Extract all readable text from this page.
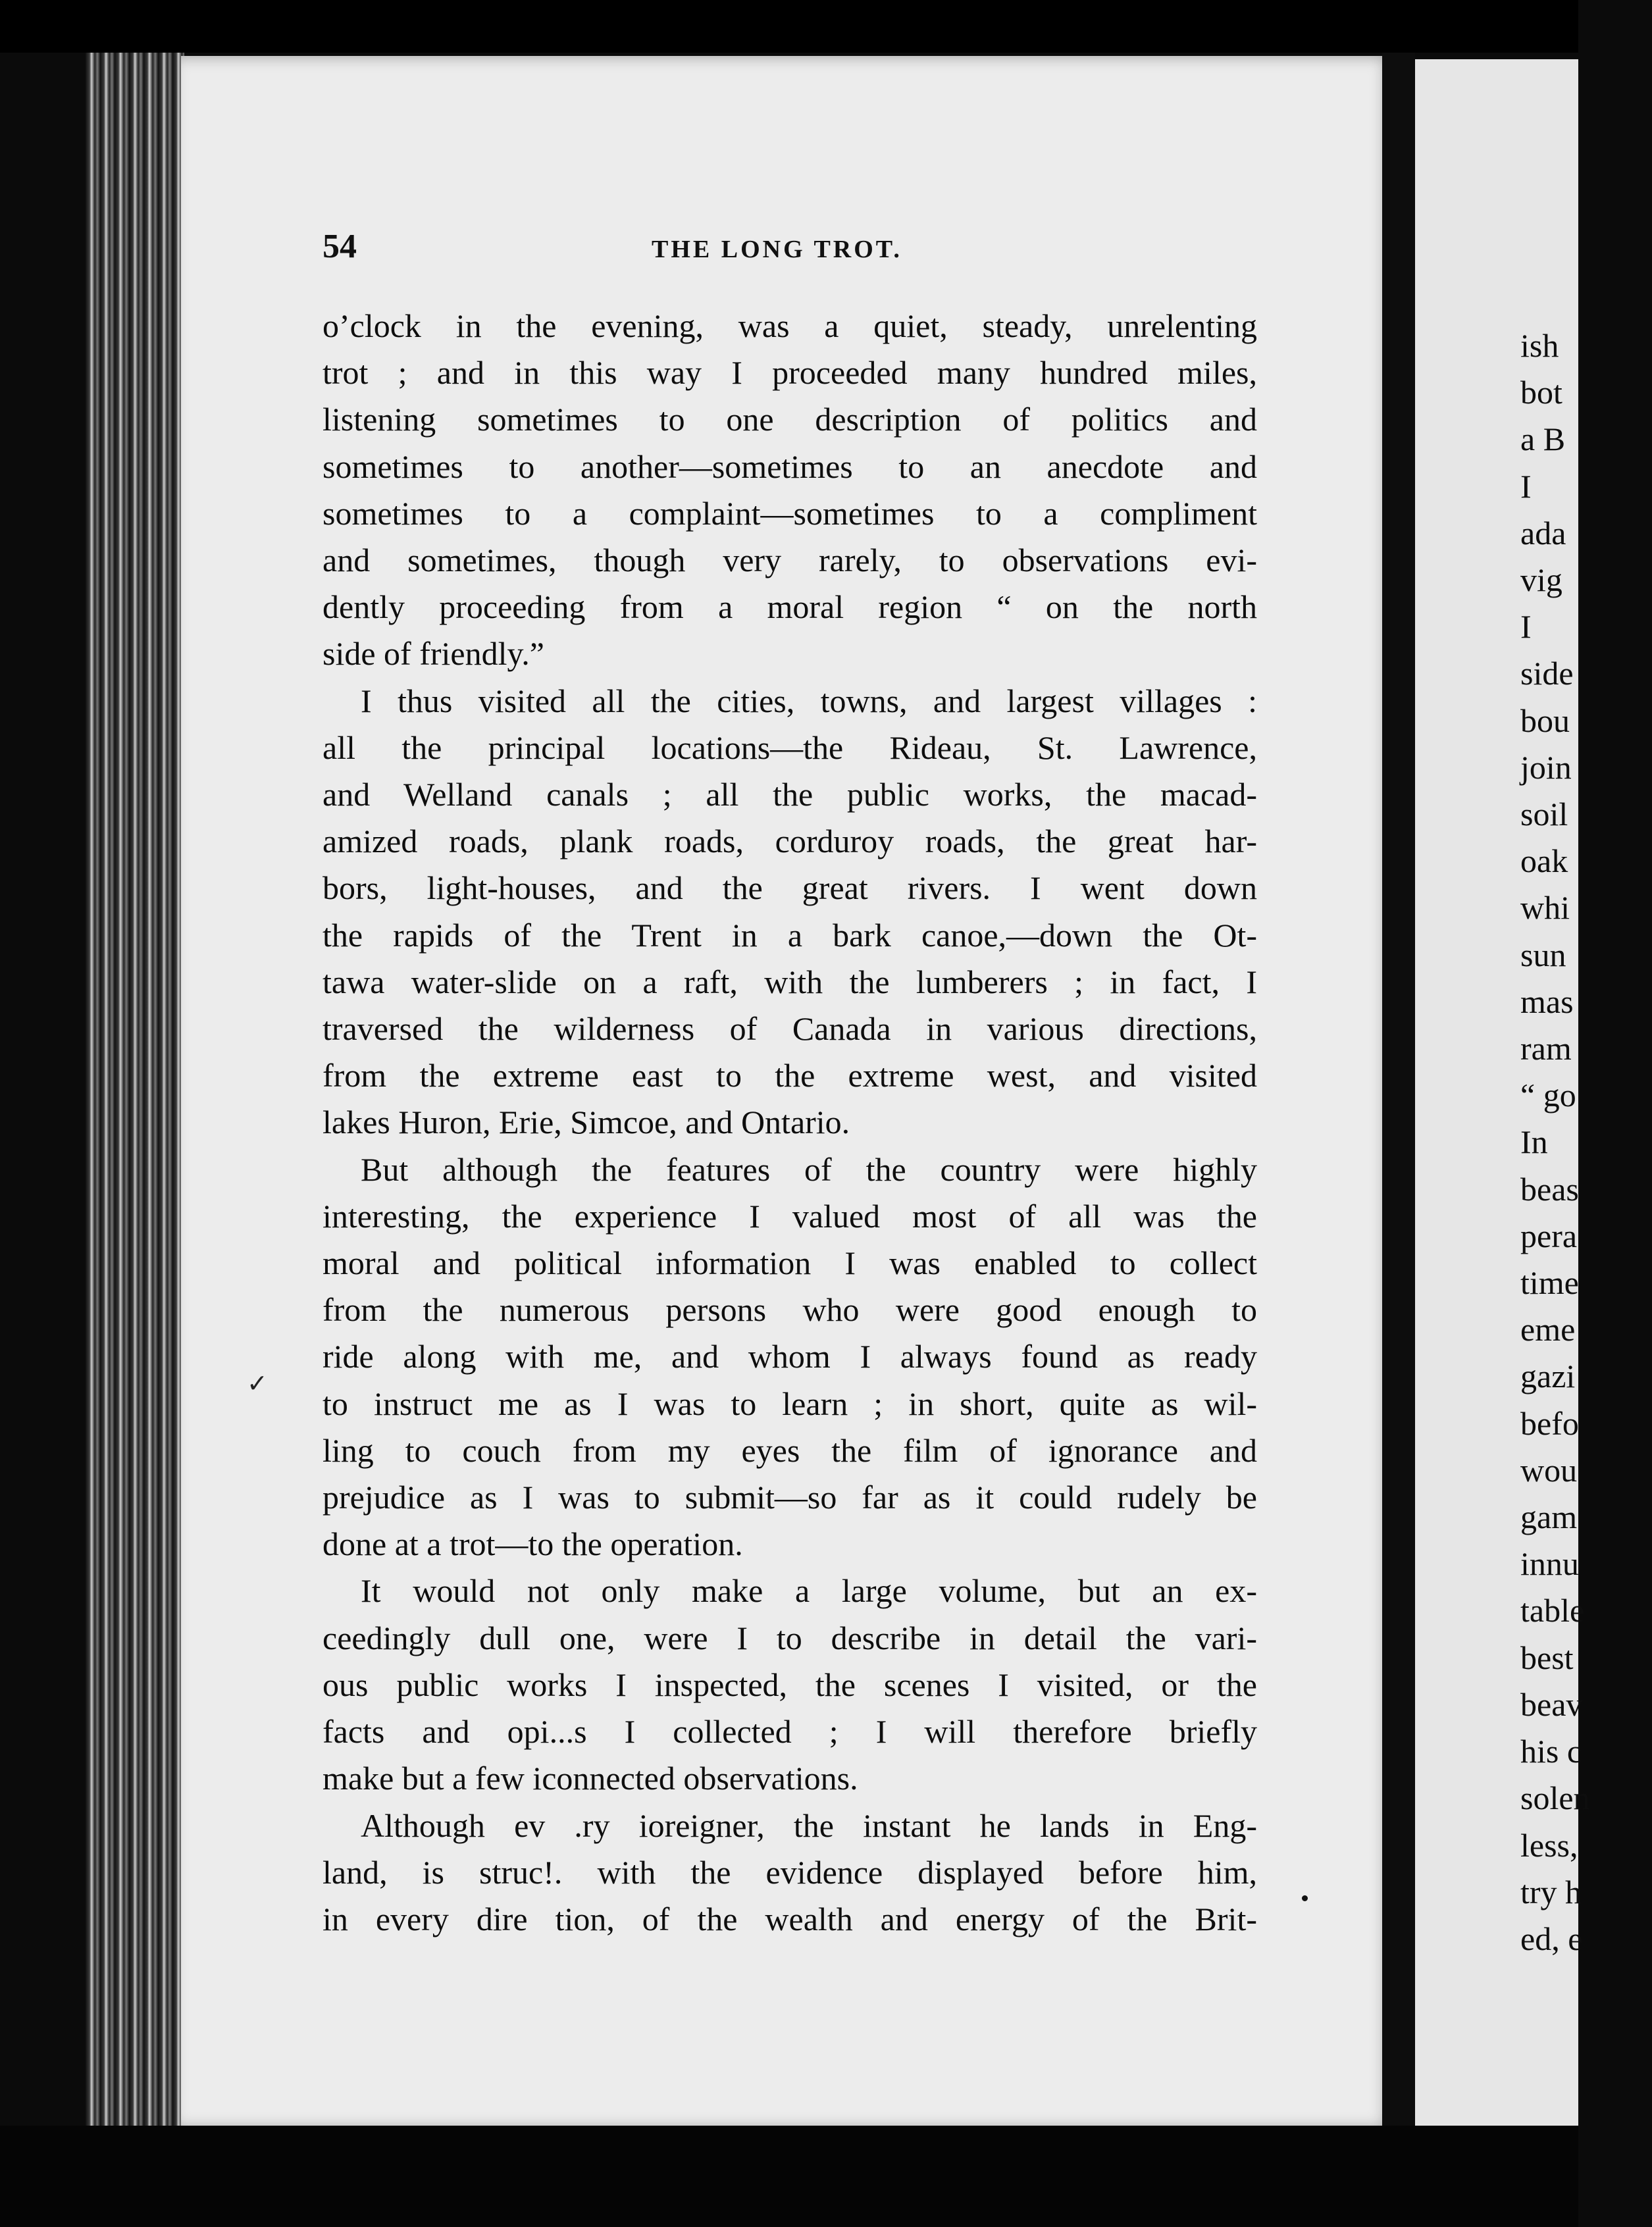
54	THE LONG TROT.

o’clock in the evening, was a quiet, steady, unrelenting
trot ; and in this way I proceeded many hundred miles,
listening sometimes to one description of politics and
sometimes to another—sometimes to an anecdote and
sometimes to a complaint—sometimes to a compliment
and sometimes, though very rarely, to observations evi-
dently proceeding from a moral region “ on the north
side of friendly.”

I thus visited all the cities, towns, and largest villages :
all the principal locations—the Rideau, St. Lawrence,
and Welland canals ; all the public works, the macad-
amized roads, plank roads, corduroy roads, the great har-
bors, light-houses, and the great rivers. I went down
the rapids of the Trent in a bark canoe,—down the Ot-
tawa water-slide on a raft, with the lumberers ; in fact, I
traversed the wilderness of Canada in various directions,
from the extreme east to the extreme west, and visited
lakes Huron, Erie, Simcoe, and Ontario.

But although the features of the country were highly
interesting, the experience I valued most of all was the
moral and political information I was enabled to collect
from the numerous persons who were good enough to
ride along with me, and whom I always found as ready
to instruct me as I was to learn ; in short, quite as wil-
ling to couch from my eyes the film of ignorance and
prejudice as I was to submit—so far as it could rudely be
done at a trot—to the operation.

It would not only make a large volume, but an ex-
ceedingly dull one, were I to describe in detail the vari-
ous public works I inspected, the scenes I visited, or the
facts and opi...s I collected ; I will therefore briefly
make but a few iconnected observations.

Although ev .ry ioreigner, the instant he lands in Eng-
land, is struc!. with the evidence displayed before him,
in every dire tion, of the wealth and energy of the Brit-

✓
ish
bot
a B
I
ada
vig
I
side
bou
join
soil
oak
whi
sun
mas
ram
“ go
In
beas
pera
time
eme
gazi
befo
wou
gam
innu
table
best
beav
his c
solen
less,
try h
ed, e
